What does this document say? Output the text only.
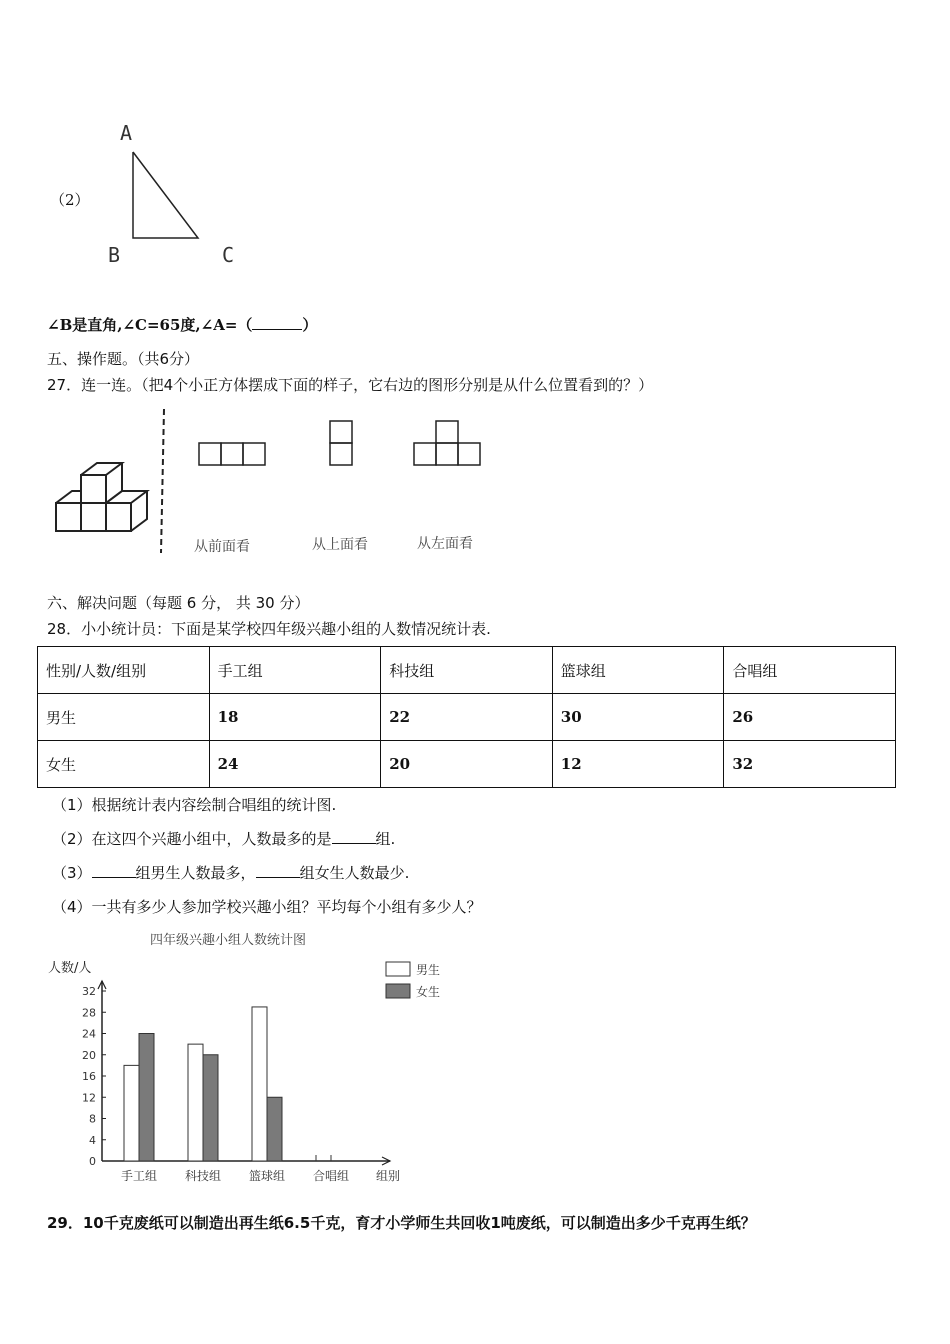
（2）
A
B	C
∠B是直角,∠C=65度,∠A=（	）
五、操作题。（共6分）
27．连一连。（把4个小正方体摆成下面的样子，它右边的图形分别是从什么位置看到的？）
从前面看	从上面看	从左面看
六、解决问题（每题 6 分， 共 30 分）
28．小小统计员：下面是某学校四年级兴趣小组的人数情况统计表.
性别/人数/组别	手工组	科技组	篮球组	合唱组
男生	18	22	30	26
女生	24	20	12	32
（1）根据统计表内容绘制合唱组的统计图.
（2）在这四个兴趣小组中，人数最多的是	组.
（3）	组男生人数最多，	组女生人数最少.
（4）一共有多少人参加学校兴趣小组？平均每个小组有多少人？
四年级兴趣小组人数统计图
人数/人
组别
0
4
8
12
16
20
24
28
32
手工组 科技组 篮球组 合唱组
男生
女生
29．10千克废纸可以制造出再生纸6.5千克，育才小学师生共回收1吨废纸，可以制造出多少千克再生纸？
